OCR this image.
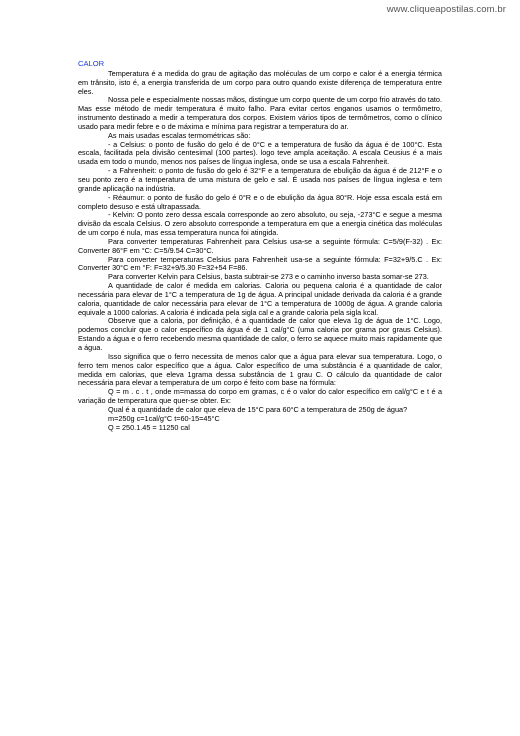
www.cliqueapostilas.com.br
CALOR

Temperatura é a medida do grau de agitação das moléculas de um corpo e calor é a energia térmica em trânsito, isto é, a energia transferida de um corpo para outro quando existe diferença de temperatura entre eles.

Nossa pele e especialmente nossas mãos, distingue um corpo quente de um corpo frio através do tato. Mas esse método de medir temperatura é muito falho. Para evitar certos enganos usamos o termômetro, instrumento destinado a medir a temperatura dos corpos. Existem vários tipos de termômetros, como o clínico usado para medir febre e o de máxima e mínima para registrar a temperatura do ar.

As mais usadas escalas termométricas são:

- a Celsius: o ponto de fusão do gelo é de 0°C e a temperatura de fusão da água é de 100°C. Esta escala, facilitada pela divisão centesimal (100 partes). logo teve ampla aceitação. A escala Ceusius é a mais usada em todo o mundo, menos nos países de língua inglesa, onde se usa a escala Fahrenheit.

- a Fahrenheit: o ponto de fusão do gelo é 32°F e a temperatura de ebulição da água é de 212°F e o seu ponto zero é a temperatura de uma mistura de gelo e sal. É usada nos países de língua inglesa e tem grande aplicação na indústria.

- Réaumur: o ponto de fusão do gelo é 0°R e o de ebulição da água 80°R. Hoje essa escala está em completo desuso e está ultrapassada.

- Kelvin: O ponto zero dessa escala corresponde ao zero absoluto, ou seja, -273°C e segue a mesma divisão da escala Celsius. O zero absoluto corresponde a temperatura em que a energia cinética das moléculas de um corpo é nula, mas essa temperatura nunca foi atingida.

Para converter temperaturas Fahrenheit para Celsius usa-se a seguinte fórmula: C=5/9(F-32) . Ex: Converter 86°F em °C: C=5/9.54 C=30°C.

Para converter temperaturas Celsius para Fahrenheit usa-se a seguinte fórmula: F=32+9/5.C . Ex: Converter 30°C em °F: F=32+9/5.30 F=32+54 F=86.

Para converter Kelvin para Celsius, basta subtrair-se 273 e o caminho inverso basta somar-se 273.

A quantidade de calor é medida em calorias. Caloria ou pequena caloria é a quantidade de calor necessária para elevar de 1°C a temperatura de 1g de água. A principal unidade derivada da caloria é a grande caloria, quantidade de calor necessária para elevar de 1°C a temperatura de 1000g de água. A grande caloria equivale a 1000 calorias. A caloria é indicada pela sigla cal e a grande caloria pela sigla kcal.

Observe que a caloria, por definição, é a quantidade de calor que eleva 1g de água de 1°C. Logo, podemos concluir que o calor específico da água é de 1 cal/g°C (uma caloria por grama por graus Celsius). Estando a água e o ferro recebendo mesma quantidade de calor, o ferro se aquece muito mais rapidamente que a água.

Isso significa que o ferro necessita de menos calor que a água para elevar sua temperatura. Logo, o ferro tem menos calor específico que a água. Calor específico de uma substância é a quantidade de calor, medida em calorias, que eleva 1grama dessa substância de 1 grau C. O cálculo da quantidade de calor necessária para elevar a temperatura de um corpo é feito com base na fórmula:

Q = m . c . t , onde m=massa do corpo em gramas, c é o valor do calor específico em cal/g°C e t é a variação de temperatura que quer-se obter. Ex:

Qual é a quantidade de calor que eleva de 15°C para 60°C a temperatura de 250g de água?

m=250g c=1cal/g°C t=60-15=45°C

Q = 250.1.45 = 11250 cal
